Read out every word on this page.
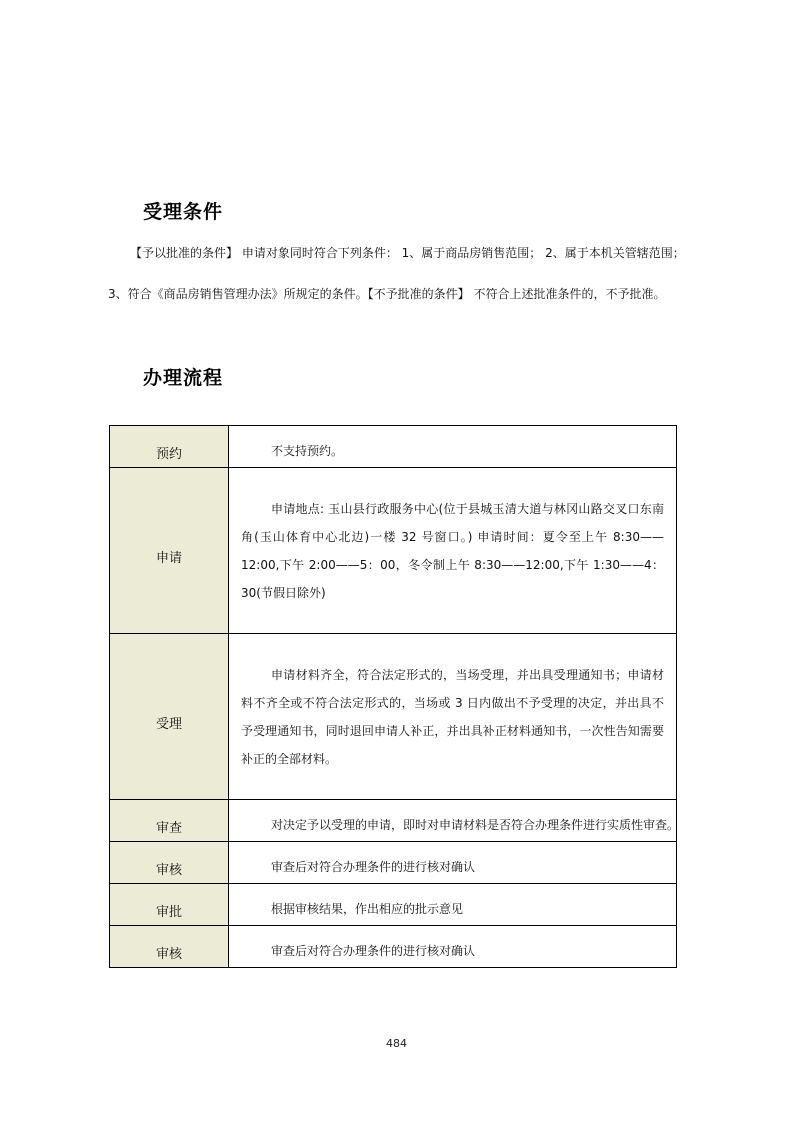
受理条件
【予以批准的条件】 申请对象同时符合下列条件： 1、属于商品房销售范围； 2、属于本机关管辖范围；
3、符合《商品房销售管理办法》所规定的条件。【不予批准的条件】 不符合上述批准条件的，不予批准。
办理流程
预约	不支持预约。

申请	申请地点: 玉山县行政服务中心(位于县城玉清大道与林冈山路交叉口东南角(玉山体育中心北边)一楼 32 号窗口。) 申请时间：夏令至上午 8:30——12:00,下午 2:00——5：00，冬令制上午 8:30——12:00,下午 1:30——4：30(节假日除外)

受理	申请材料齐全，符合法定形式的，当场受理，并出具受理通知书；申请材料不齐全或不符合法定形式的，当场或 3 日内做出不予受理的决定，并出具不予受理通知书，同时退回申请人补正，并出具补正材料通知书，一次性告知需要补正的全部材料。

审查	对决定予以受理的申请，即时对申请材料是否符合办理条件进行实质性审查。

审核	审查后对符合办理条件的进行核对确认

审批	根据审核结果，作出相应的批示意见

审核	审查后对符合办理条件的进行核对确认
484
